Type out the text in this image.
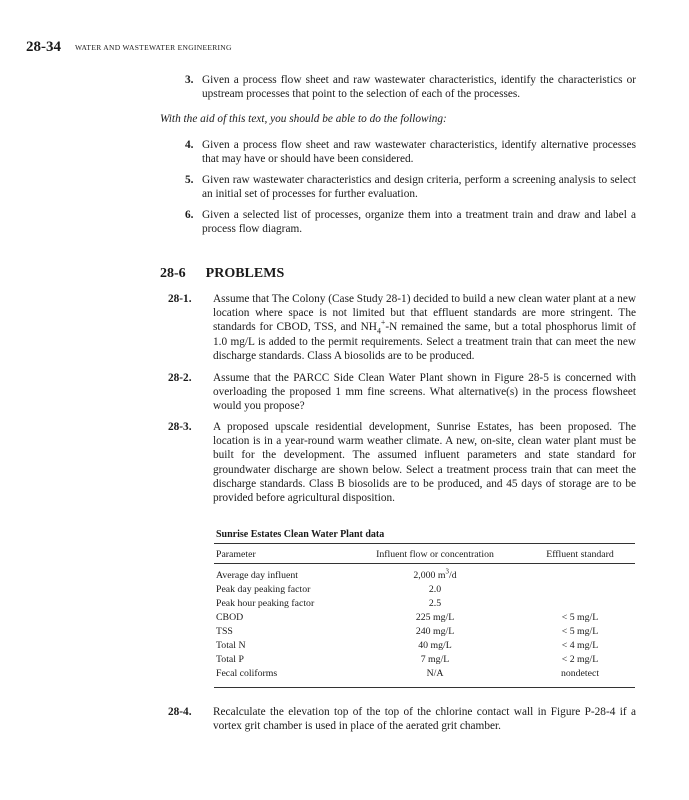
28-34 WATER AND WASTEWATER ENGINEERING
3. Given a process flow sheet and raw wastewater characteristics, identify the characteristics or upstream processes that point to the selection of each of the processes.
With the aid of this text, you should be able to do the following:
4. Given a process flow sheet and raw wastewater characteristics, identify alternative processes that may have or should have been considered.
5. Given raw wastewater characteristics and design criteria, perform a screening analysis to select an initial set of processes for further evaluation.
6. Given a selected list of processes, organize them into a treatment train and draw and label a process flow diagram.
28-6 PROBLEMS
28-1. Assume that The Colony (Case Study 28-1) decided to build a new clean water plant at a new location where space is not limited but that effluent standards are more stringent. The standards for CBOD, TSS, and $NH_4^+-N$ remained the same, but a total phosphorus limit of 1.0 mg/L is added to the permit requirements. Select a treatment train that can meet the new discharge standards. Class A biosolids are to be produced.
28-2. Assume that the PARCC Side Clean Water Plant shown in Figure 28-5 is concerned with overloading the proposed 1 mm fine screens. What alternative(s) in the process flowsheet would you propose?
28-3. A proposed upscale residential development, Sunrise Estates, has been proposed. The location is in a year-round warm weather climate. A new, on-site, clean water plant must be built for the development. The assumed influent parameters and state standard for groundwater discharge are shown below. Select a treatment process train that can meet the discharge standards. Class B biosolids are to be produced, and 45 days of storage are to be provided before agricultural disposition.
Sunrise Estates Clean Water Plant data
Parameter	Influent flow or concentration	Effluent standard
Average day influent	2,000 $m^3/d$
Peak day peaking factor	2.0
Peak hour peaking factor	2.5
CBOD	225 mg/L	< 5 mg/L
TSS	240 mg/L	< 5 mg/L
Total N	40 mg/L	< 4 mg/L
Total P	7 mg/L	< 2 mg/L
Fecal coliforms	N/A	nondetect
28-4. Recalculate the elevation top of the top of the chlorine contact wall in Figure P-28-4 if a vortex grit chamber is used in place of the aerated grit chamber.
